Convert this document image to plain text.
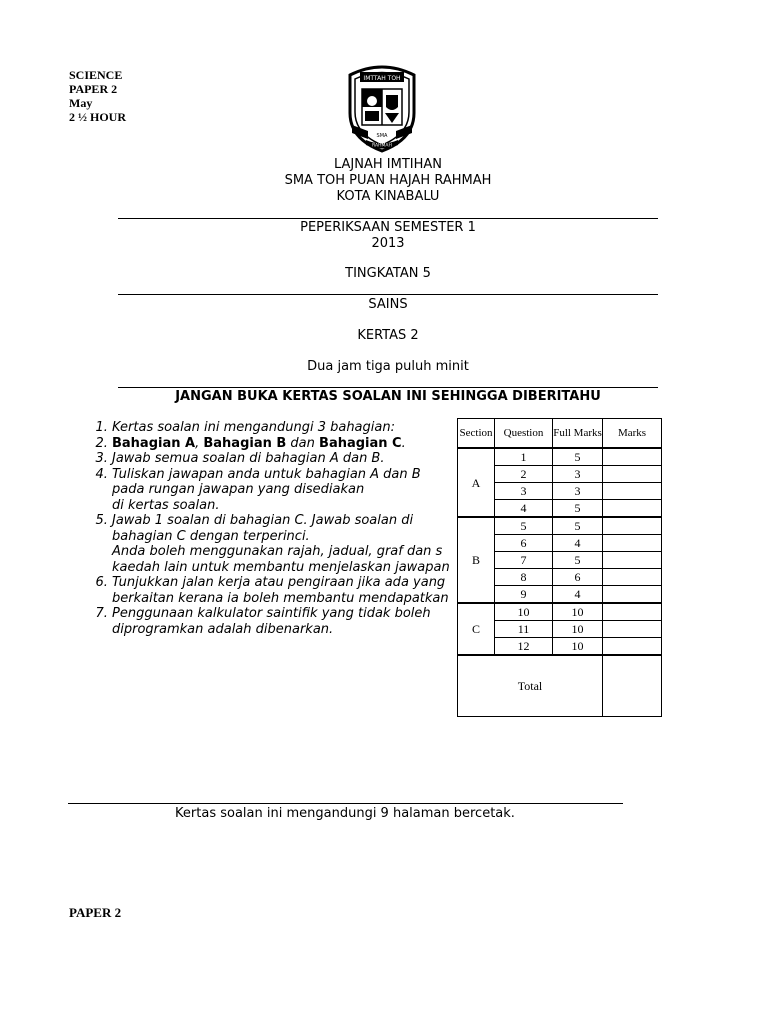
SCIENCE
PAPER 2
May
2 ½ HOUR
IMTTAH TOH
SMA
RAHMAH
LAJNAH IMTIHAN
SMA TOH PUAN HAJAH RAHMAH
KOTA KINABALU
PEPERIKSAAN SEMESTER 1
2013
TINGKATAN 5
SAINS
KERTAS 2
Dua jam tiga puluh minit
JANGAN BUKA KERTAS SOALAN INI SEHINGGA DIBERITAHU
1. Kertas soalan ini mengandungi 3 bahagian:
2. Bahagian A, Bahagian B dan Bahagian C.
3. Jawab semua soalan di bahagian A dan B.
4. Tuliskan jawapan anda untuk bahagian A dan B
pada rungan jawapan yang disediakan
di kertas soalan.
5. Jawab 1 soalan di bahagian C. Jawab soalan di
bahagian C dengan terperinci.
Anda boleh menggunakan rajah, jadual, graf dan s
kaedah lain untuk membantu menjelaskan jawapan
6. Tunjukkan jalan kerja atau pengiraan jika ada yang
berkaitan kerana ia boleh membantu mendapatkan
7. Penggunaan kalkulator saintifik yang tidak boleh
diprogramkan adalah dibenarkan.
Section	Question	Full Marks	Marks
A	1	5	
	2	3	
	3	3	
	4	5	
B	5	5	
	6	4	
	7	5	
	8	6	
	9	4	
C	10	10	
	11	10	
	12	10	
Total			
Kertas soalan ini mengandungi 9 halaman bercetak.
PAPER 2
